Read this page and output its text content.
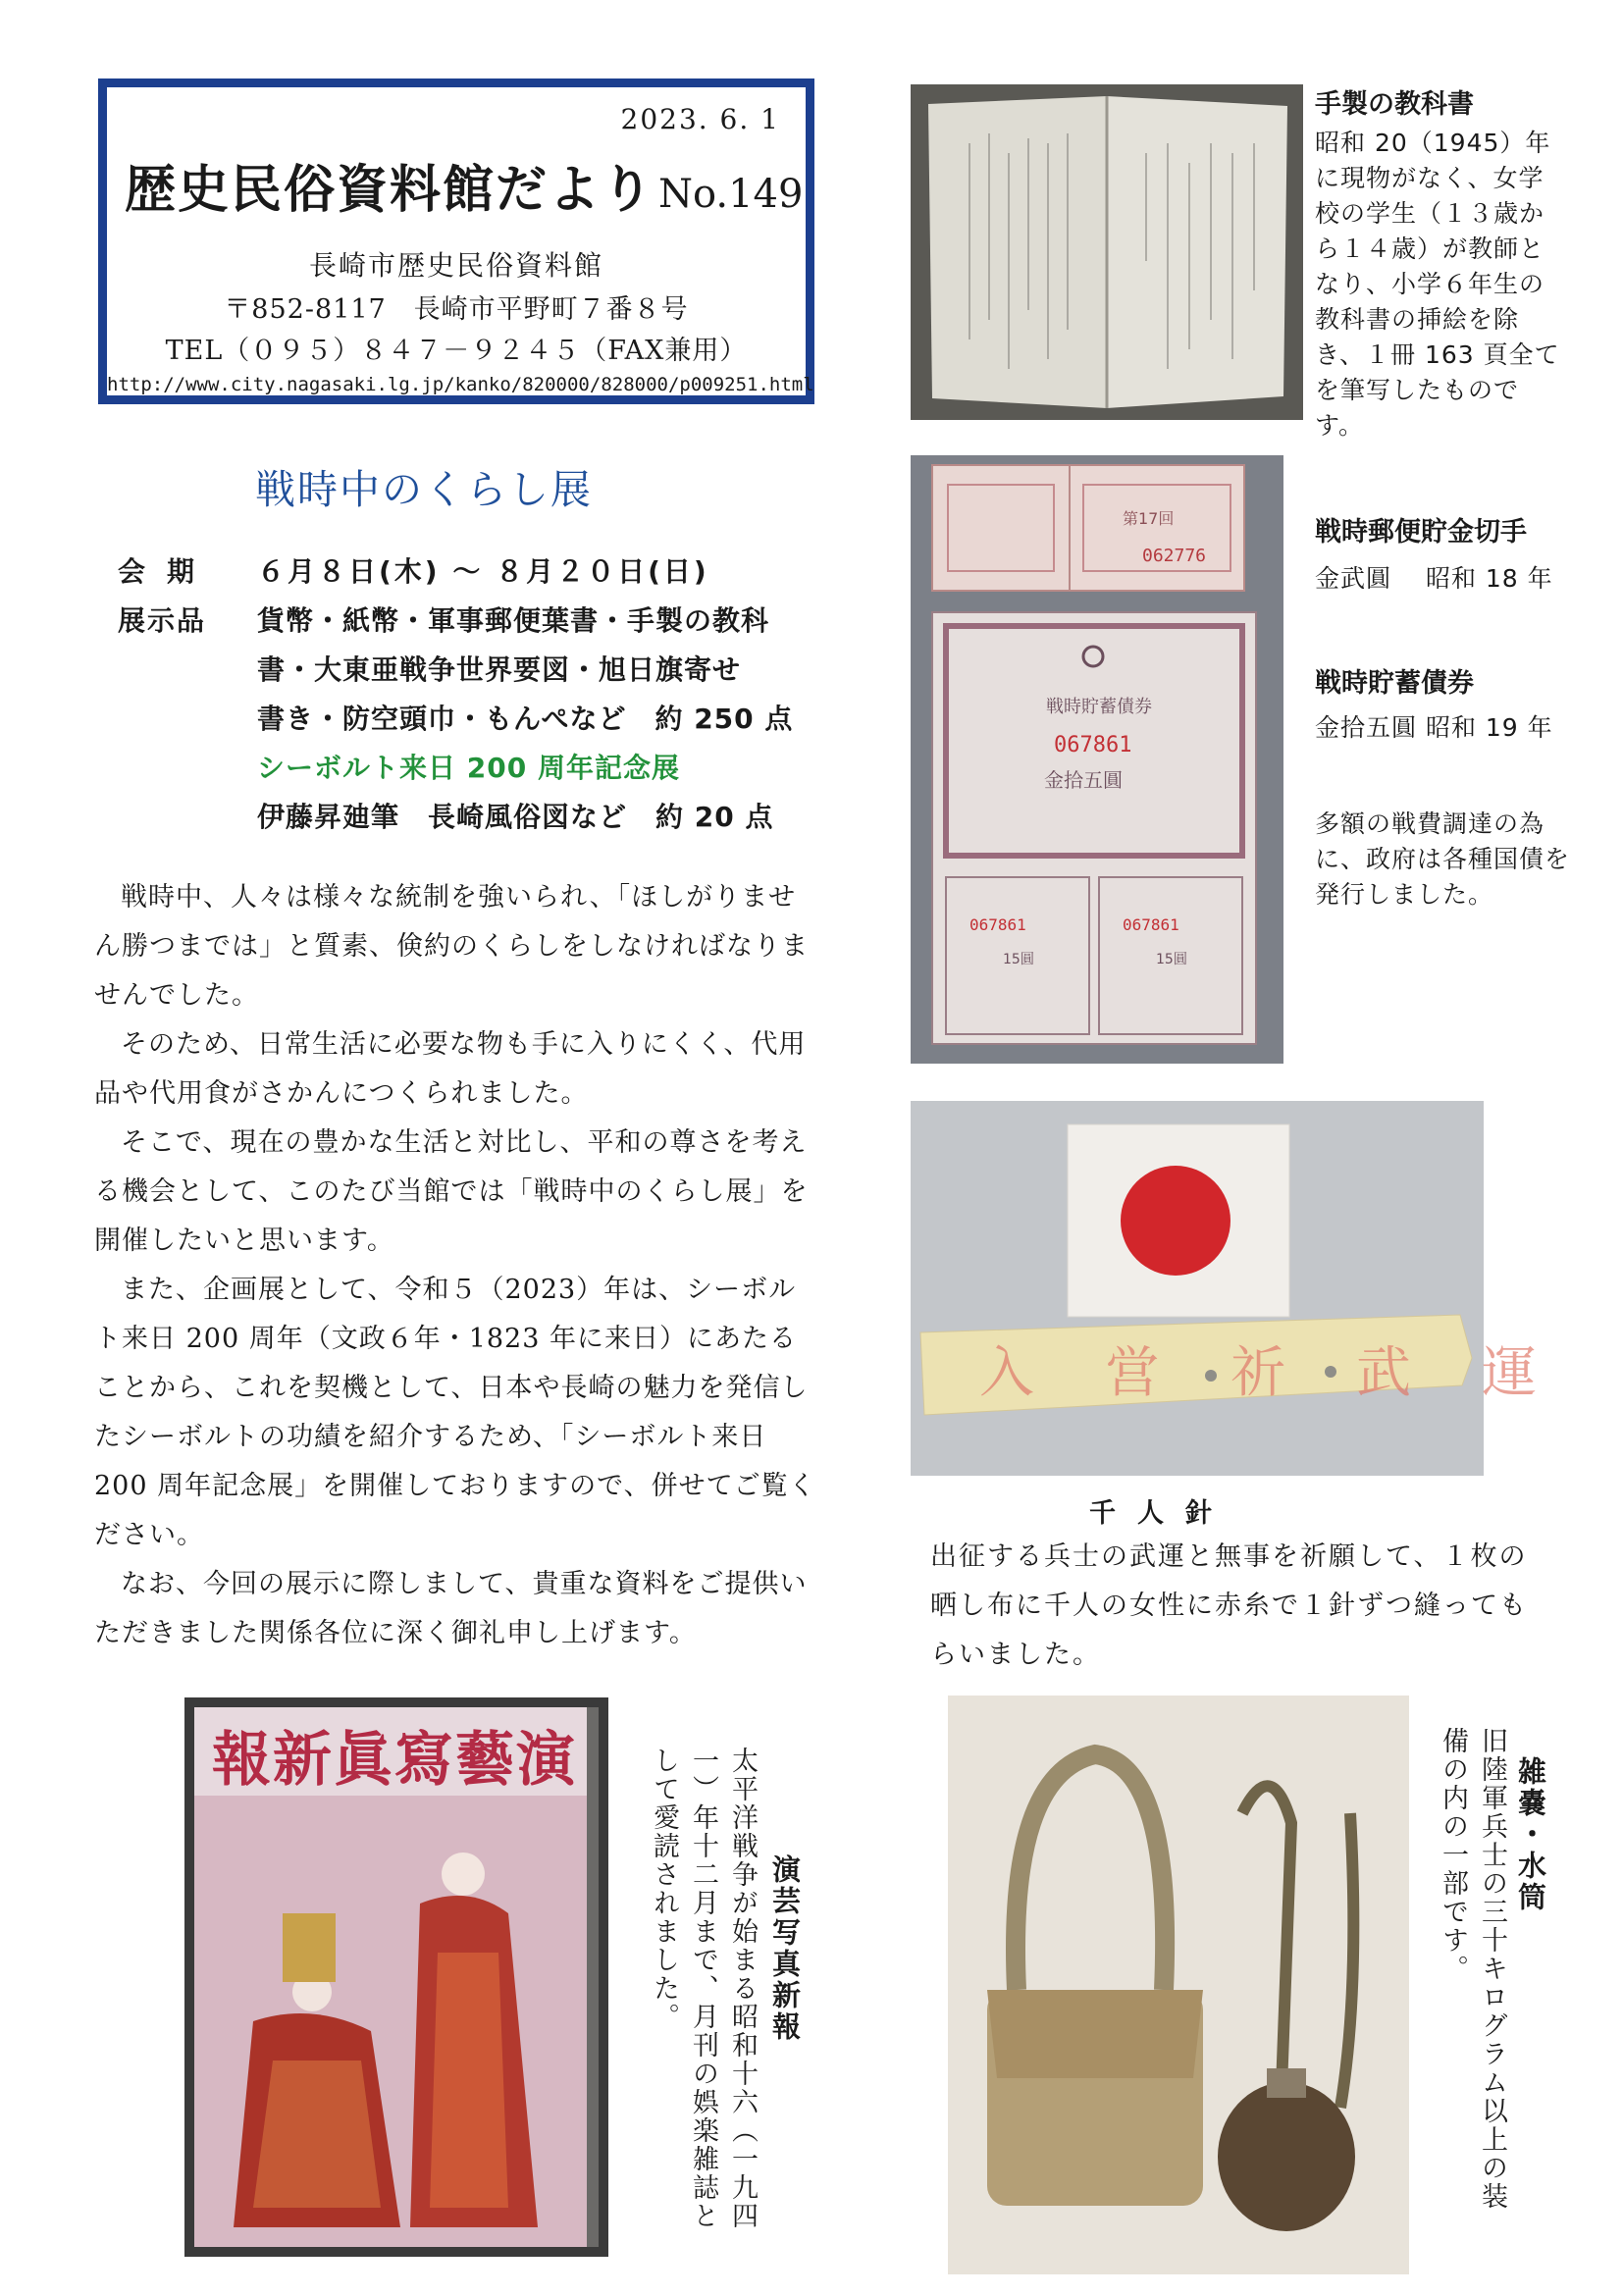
2023. 6. 1
歴史民俗資料館だより No.149
長崎市歴史民俗資料館
〒852-8117　長崎市平野町７番８号
TEL（０９５）８４７－９２４５（FAX兼用）
http://www.city.nagasaki.lg.jp/kanko/820000/828000/p009251.html
戦時中のくらし展
会期 ６月８日(木) ～ ８月２０日(日)
展示品 貨幣・紙幣・軍事郵便葉書・手製の教科
書・大東亜戦争世界要図・旭日旗寄せ
書き・防空頭巾・もんぺなど　約 250 点
シーボルト来日 200 周年記念展
伊藤昇廸筆　長崎風俗図など　約 20 点

戦時中、人々は様々な統制を強いられ、「ほしがりません勝つまでは」と質素、倹約のくらしをしなければなりませんでした。

そのため、日常生活に必要な物も手に入りにくく、代用品や代用食がさかんにつくられました。

そこで、現在の豊かな生活と対比し、平和の尊さを考える機会として、このたび当館では「戦時中のくらし展」を開催したいと思います。

また、企画展として、令和５（2023）年は、シーボルト来日 200 周年（文政６年・1823 年に来日）にあたることから、これを契機として、日本や長崎の魅力を発信したシーボルトの功績を紹介するため、「シーボルト来日 200 周年記念展」を開催しておりますので、併せてご覧ください。

なお、今回の展示に際しまして、貴重な資料をご提供いただきました関係各位に深く御礼申し上げます。

手製の教科書
昭和 20（1945）年に現物がなく、女学校の学生（１３歳から１４歳）が教師となり、小学６年生の教科書の挿絵を除き、１冊 163 頁全てを筆写したものです。
第17回
062776
戦時貯蓄債券
067861
金拾五圓
067861	067861
15圓	15圓
戦時郵便貯金切手
金武圓　 昭和 18 年
戦時貯蓄債券
金拾五圓 昭和 19 年
多額の戦費調達の為に、政府は各種国債を発行しました。
入営祈武運
千人針
出征する兵士の武運と無事を祈願して、１枚の晒し布に千人の女性に赤糸で１針ずつ縫ってもらいました。
雑嚢・水筒
旧陸軍兵士の三十キログラム以上の装備の内の一部です。
報新眞寫藝演
演芸写真新報
太平洋戦争が始まる昭和十六（一九四一）年十二月まで、月刊の娯楽雑誌として愛読されました。
